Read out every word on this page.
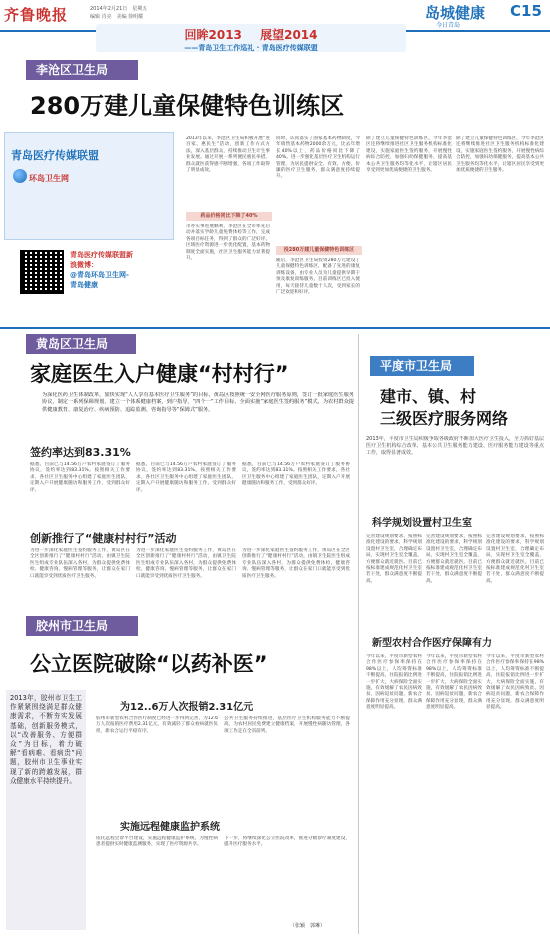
齐鲁晚报	2014年2月21日　星期五
编辑 肖亮　美编 徐明耀	岛城健康
今日青岛
C15
回眸2013 展望2014
——青岛卫生工作巡礼 · 青岛医疗传媒联盟
李沧区卫生局
280万建儿童保健特色训练区
青岛医疗传媒联盟
环岛卫生网
青岛医疗传媒联盟新
浪微博：
@青岛环岛卫生网-
青岛健康
2013年以来，李沧区卫生局积极开展“进百家、惠民生”活动，创新工作方式方法，深入基层群众，持续推动卫生计生事业发展。通过开展一系列便民惠民举措，群众就医获得感不断增强，各项工作取得了明显成效。
药品价格同比下降了40%
市办实事进展顺利，李沧区在全市率先启动并落实学龄儿童免费体检等工作，完成各项目标任务，得到了群众的广泛好评。区域医疗资源进一步优化配置，基本药物制度全面实施，社区卫生服务能力显著提升。
同时，认真落实了国家基本药物制度，今年销售基本药物2000余万元，比去年增长40%以上，药品价格同比下降了40%。进一步强化基层医疗卫生机构运行管理，为居民提供安全、有效、方便、价廉的医疗卫生服务，群众满意度持续提升。
投280万建儿童保健特色训练区
随后，李沧区卫生局投资280万元建设了儿童保健特色训练区，配备了先进的康复训练设备，由专业人员为儿童提供早期干预及康复训练服务。目前训练区已投入使用，每天接待儿童数十人次，受到家长的广泛欢迎和好评。
除了建立儿童保健特色训练区，今年李沧区还将继续推进社区卫生服务机构标准化建设，实施家庭医生签约服务，开展慢性病综合防控，加强妇幼保健服务，提高基本公共卫生服务均等化水平，让辖区居民享受到更加优质便捷的卫生服务。
除了建立儿童保健特色训练区，今年李沧区还将继续推进社区卫生服务机构标准化建设，实施家庭医生签约服务，开展慢性病综合防控，加强妇幼保健服务，提高基本公共卫生服务均等化水平，让辖区居民享受到更加优质便捷的卫生服务。
黄岛区卫生局
家庭医生入户健康“村村行”
为深化医药卫生体制改革，加快实现“人人享有基本医疗卫生服务”的目标，黄岛区按照统一安全网医疗服务原则，签订一批家庭医生服务协议，制定一系列保障规划，建立一个体系健康档案，到户指导，“四个一”工作目标，全面实施“家庭医生签约服务”模式，为农村群众提供健康教育、康复治疗、疾病预防、追踪监测、咨询指导等“保姆式”服务。
签约率达到83.31%
据悉，目前已与14.56万户农村家庭签订了服务协议，签约率达到83.31%。按照相关工作要求，各社区卫生服务中心组建了家庭医生团队，定期入户开展健康随访和服务工作，受到群众好评。
据悉，目前已与14.56万户农村家庭签订了服务协议，签约率达到83.31%。按照相关工作要求，各社区卫生服务中心组建了家庭医生团队，定期入户开展健康随访和服务工作，受到群众好评。
据悉，目前已与14.56万户农村家庭签订了服务协议，签约率达到83.31%。按照相关工作要求，各社区卫生服务中心组建了家庭医生团队，定期入户开展健康随访和服务工作，受到群众好评。
创新推行了“健康村村行”活动
为进一步深化家庭医生签约服务工作，黄岛区在全区创新推行了“健康村村行”活动，由镇卫生院医生组成专业队伍深入各村，为群众提供免费体检、健康咨询、慢病管理等服务，让群众在家门口就能享受到优质医疗卫生服务。
为进一步深化家庭医生签约服务工作，黄岛区在全区创新推行了“健康村村行”活动，由镇卫生院医生组成专业队伍深入各村，为群众提供免费体检、健康咨询、慢病管理等服务，让群众在家门口就能享受到优质医疗卫生服务。
为进一步深化家庭医生签约服务工作，黄岛区在全区创新推行了“健康村村行”活动，由镇卫生院医生组成专业队伍深入各村，为群众提供免费体检、健康咨询、慢病管理等服务，让群众在家门口就能享受到优质医疗卫生服务。
平度市卫生局
建市、镇、村
三级医疗服务网络
2013年，平度市卫生局积极争取各级政府不断加大医疗卫生投入，全力抓好基层医疗卫生机构综合改革，基本公共卫生服务能力建设、医疗服务能力建设等重点工作，取得显著成效。
科学规划设置村卫生室
完善建设规划要求，按照标准化建设的要求，科学规划设置村卫生室，合理确定布局，实现村卫生室全覆盖，方便群众就近就医。目前已按标准建成规范化村卫生室若干处，群众满意度不断提高。
完善建设规划要求，按照标准化建设的要求，科学规划设置村卫生室，合理确定布局，实现村卫生室全覆盖，方便群众就近就医。目前已按标准建成规范化村卫生室若干处，群众满意度不断提高。
完善建设规划要求，按照标准化建设的要求，科学规划设置村卫生室，合理确定布局，实现村卫生室全覆盖，方便群众就近就医。目前已按标准建成规范化村卫生室若干处，群众满意度不断提高。
胶州市卫生局
公立医院破除“以药补医”
2013年，胶州市卫生工作紧紧围绕满足群众健康需求，不断夯实发展基础，创新服务模式，以“改善服务、方便群众”为目标，着力破解“看病难、看病贵”问题，胶州市卫生事业实现了新的跨越发展，群众健康水平持续提升。
为12..6万人次报销2.31亿元
胶州市新型农村合作医疗制度已经进一步得到完善，为12.6万人次报销医疗费用2.31亿元，有效减轻了群众看病就医负担，新农合运行平稳有序。
公共卫生服务持续推进，基层医疗卫生机构服务能力不断提高，为农村居民免费建立健康档案，开展慢性病随访管理，各项工作走在全省前列。
实施远程健康监护系统
依托远程会诊平台建设，实施远程健康监护系统，为慢性病患者提供实时健康监测服务，实现了医疗资源共享。
下一步，将继续深化公立医院改革，推进分级诊疗制度建设，提升医疗服务水平。
（张颖　郭琳）
新型农村合作医疗保障有力
今年以来，平度市新型农村合作医疗参保率保持在98%以上，人均筹资标准不断提高，住院报销比例进一步扩大，大病保险全面实施，有效缓解了农民因病致贫、因病返贫问题，新农合保障作用充分显现，群众满意度明显提高。
今年以来，平度市新型农村合作医疗参保率保持在98%以上，人均筹资标准不断提高，住院报销比例进一步扩大，大病保险全面实施，有效缓解了农民因病致贫、因病返贫问题，新农合保障作用充分显现，群众满意度明显提高。
今年以来，平度市新型农村合作医疗参保率保持在98%以上，人均筹资标准不断提高，住院报销比例进一步扩大，大病保险全面实施，有效缓解了农民因病致贫、因病返贫问题，新农合保障作用充分显现，群众满意度明显提高。
